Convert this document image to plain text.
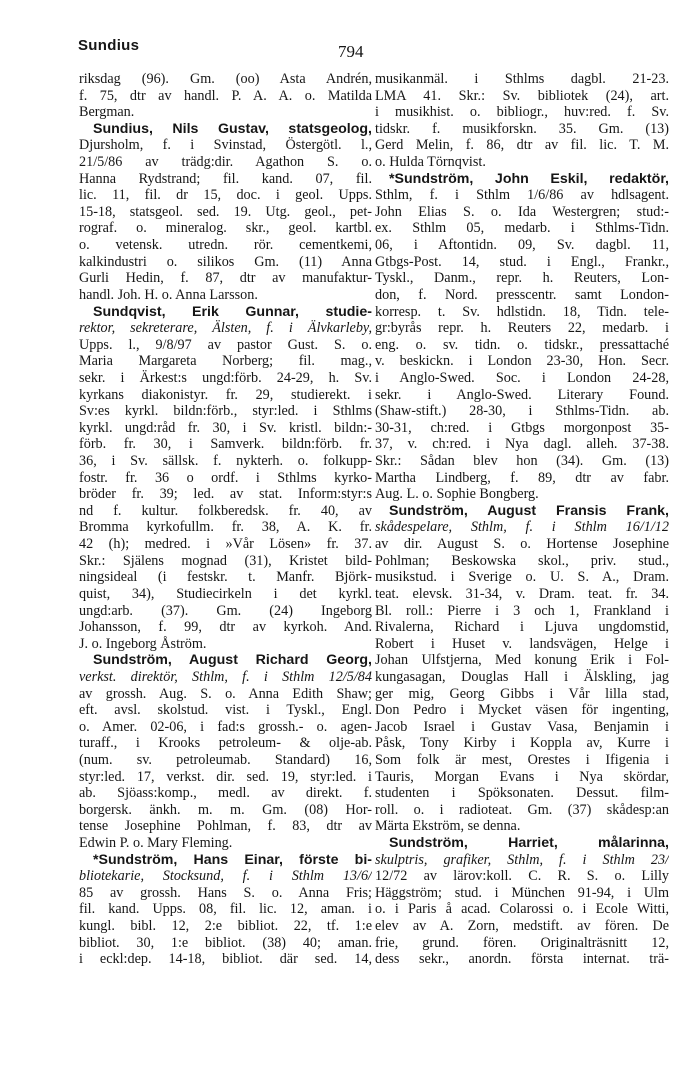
Sundius	794
riksdag (96). Gm. (oo) Asta Andrén,
f. 75, dtr av handl. P. A. A. o. Matilda
Bergman.
Sundius, Nils Gustav, statsgeolog,
Djursholm, f. i Svinstad, Östergötl. l.,
21/5/86 av trädg:dir. Agathon S. o.
Hanna Rydstrand; fil. kand. 07, fil.
lic. 11, fil. dr 15, doc. i geol. Upps.
15-18, statsgeol. sed. 19. Utg. geol., pet-
rograf. o. mineralog. skr., geol. kartbl.
o. vetensk. utredn. rör. cementkemi,
kalkindustri o. silikos Gm. (11) Anna
Gurli Hedin, f. 87, dtr av manufaktur-
handl. Joh. H. o. Anna Larsson.
Sundqvist, Erik Gunnar, studie-
rektor, sekreterare, Älsten, f. i Älvkarleby,
Upps. l., 9/8/97 av pastor Gust. S. o.
Maria Margareta Norberg; fil. mag.,
sekr. i Ärkest:s ungd:förb. 24-29, h. Sv.
kyrkans diakonistyr. fr. 29, studierekt. i
Sv:es kyrkl. bildn:förb., styr:led. i Sthlms
kyrkl. ungd:råd fr. 30, i Sv. kristl. bildn:-
förb. fr. 30, i Samverk. bildn:förb. fr.
36, i Sv. sällsk. f. nykterh. o. folkupp-
fostr. fr. 36 o ordf. i Sthlms kyrko-
bröder fr. 39; led. av stat. Inform:styr:s
nd f. kultur. folkberedsk. fr. 40, av
Bromma kyrkofullm. fr. 38, A. K. fr.
42 (h); medred. i »Vår Lösen» fr. 37.
Skr.: Själens mognad (31), Kristet bild-
ningsideal (i festskr. t. Manfr. Björk-
quist, 34), Studiecirkeln i det kyrkl.
ungd:arb. (37). Gm. (24) Ingeborg
Johansson, f. 99, dtr av kyrkoh. And.
J. o. Ingeborg Åström.
Sundström, August Richard Georg,
verkst. direktör, Sthlm, f. i Sthlm 12/5/84
av grossh. Aug. S. o. Anna Edith Shaw;
eft. avsl. skolstud. vist. i Tyskl., Engl.
o. Amer. 02-06, i fad:s grossh.- o. agen-
turaff., i Krooks petroleum- & olje-ab.
(num. sv. petroleumab. Standard) 16,
styr:led. 17, verkst. dir. sed. 19, styr:led. i
ab. Sjöass:komp., medl. av direkt. f.
borgersk. änkh. m. m. Gm. (08) Hor-
tense Josephine Pohlman, f. 83, dtr av
Edwin P. o. Mary Fleming.
*Sundström, Hans Einar, förste bi-
bliotekarie, Stocksund, f. i Sthlm 13/6/
85 av grossh. Hans S. o. Anna Fris;
fil. kand. Upps. 08, fil. lic. 12, aman. i
kungl. bibl. 12, 2:e bibliot. 22, tf. 1:e
bibliot. 30, 1:e bibliot. (38) 40; aman.
i eckl:dep. 14-18, bibliot. där sed. 14,
musikanmäl. i Sthlms dagbl. 21-23.
LMA 41. Skr.: Sv. bibliotek (24), art.
i musikhist. o. bibliogr., huv:red. f. Sv.
tidskr. f. musikforskn. 35. Gm. (13)
Gerd Melin, f. 86, dtr av fil. lic. T. M.
o. Hulda Törnqvist.
*Sundström, John Eskil, redaktör,
Sthlm, f. i Sthlm 1/6/86 av hdlsagent.
John Elias S. o. Ida Westergren; stud:-
ex. Sthlm 05, medarb. i Sthlms-Tidn.
06, i Aftontidn. 09, Sv. dagbl. 11,
Gtbgs-Post. 14, stud. i Engl., Frankr.,
Tyskl., Danm., repr. h. Reuters, Lon-
don, f. Nord. presscentr. samt London-
korresp. t. Sv. hdlstidn. 18, Tidn. tele-
gr:byrås repr. h. Reuters 22, medarb. i
eng. o. sv. tidn. o. tidskr., pressattaché
v. beskickn. i London 23-30, Hon. Secr.
i Anglo-Swed. Soc. i London 24-28,
sekr. i Anglo-Swed. Literary Found.
(Shaw-stift.) 28-30, i Sthlms-Tidn. ab.
30-31, ch:red. i Gtbgs morgonpost 35-
37, v. ch:red. i Nya dagl. alleh. 37-38.
Skr.: Sådan blev hon (34). Gm. (13)
Martha Lindberg, f. 89, dtr av fabr.
Aug. L. o. Sophie Bongberg.
Sundström, August Fransis Frank,
skådespelare, Sthlm, f. i Sthlm 16/1/12
av dir. August S. o. Hortense Josephine
Pohlman; Beskowska skol., priv. stud.,
musikstud. i Sverige o. U. S. A., Dram.
teat. elevsk. 31-34, v. Dram. teat. fr. 34.
Bl. roll.: Pierre i 3 och 1, Frankland i
Rivalerna, Richard i Ljuva ungdomstid,
Robert i Huset v. landsvägen, Helge i
Johan Ulfstjerna, Med konung Erik i Fol-
kungasagan, Douglas Hall i Älskling, jag
ger mig, Georg Gibbs i Vår lilla stad,
Don Pedro i Mycket väsen för ingenting,
Jacob Israel i Gustav Vasa, Benjamin i
Påsk, Tony Kirby i Koppla av, Kurre i
Som folk är mest, Orestes i Ifigenia i
Tauris, Morgan Evans i Nya skördar,
studenten i Spöksonaten. Dessut. film-
roll. o. i radioteat. Gm. (37) skådesp:an
Märta Ekström, se denna.
Sundström, Harriet, målarinna,
skulptris, grafiker, Sthlm, f. i Sthlm 23/
12/72 av lärov:koll. C. R. S. o. Lilly
Häggström; stud. i München 91-94, i Ulm
o. i Paris å acad. Colarossi o. i Ecole Witti,
elev av A. Zorn, medstift. av fören. De
frie, grund. fören. Originalträsnitt 12,
dess sekr., anordn. första internat. trä-
